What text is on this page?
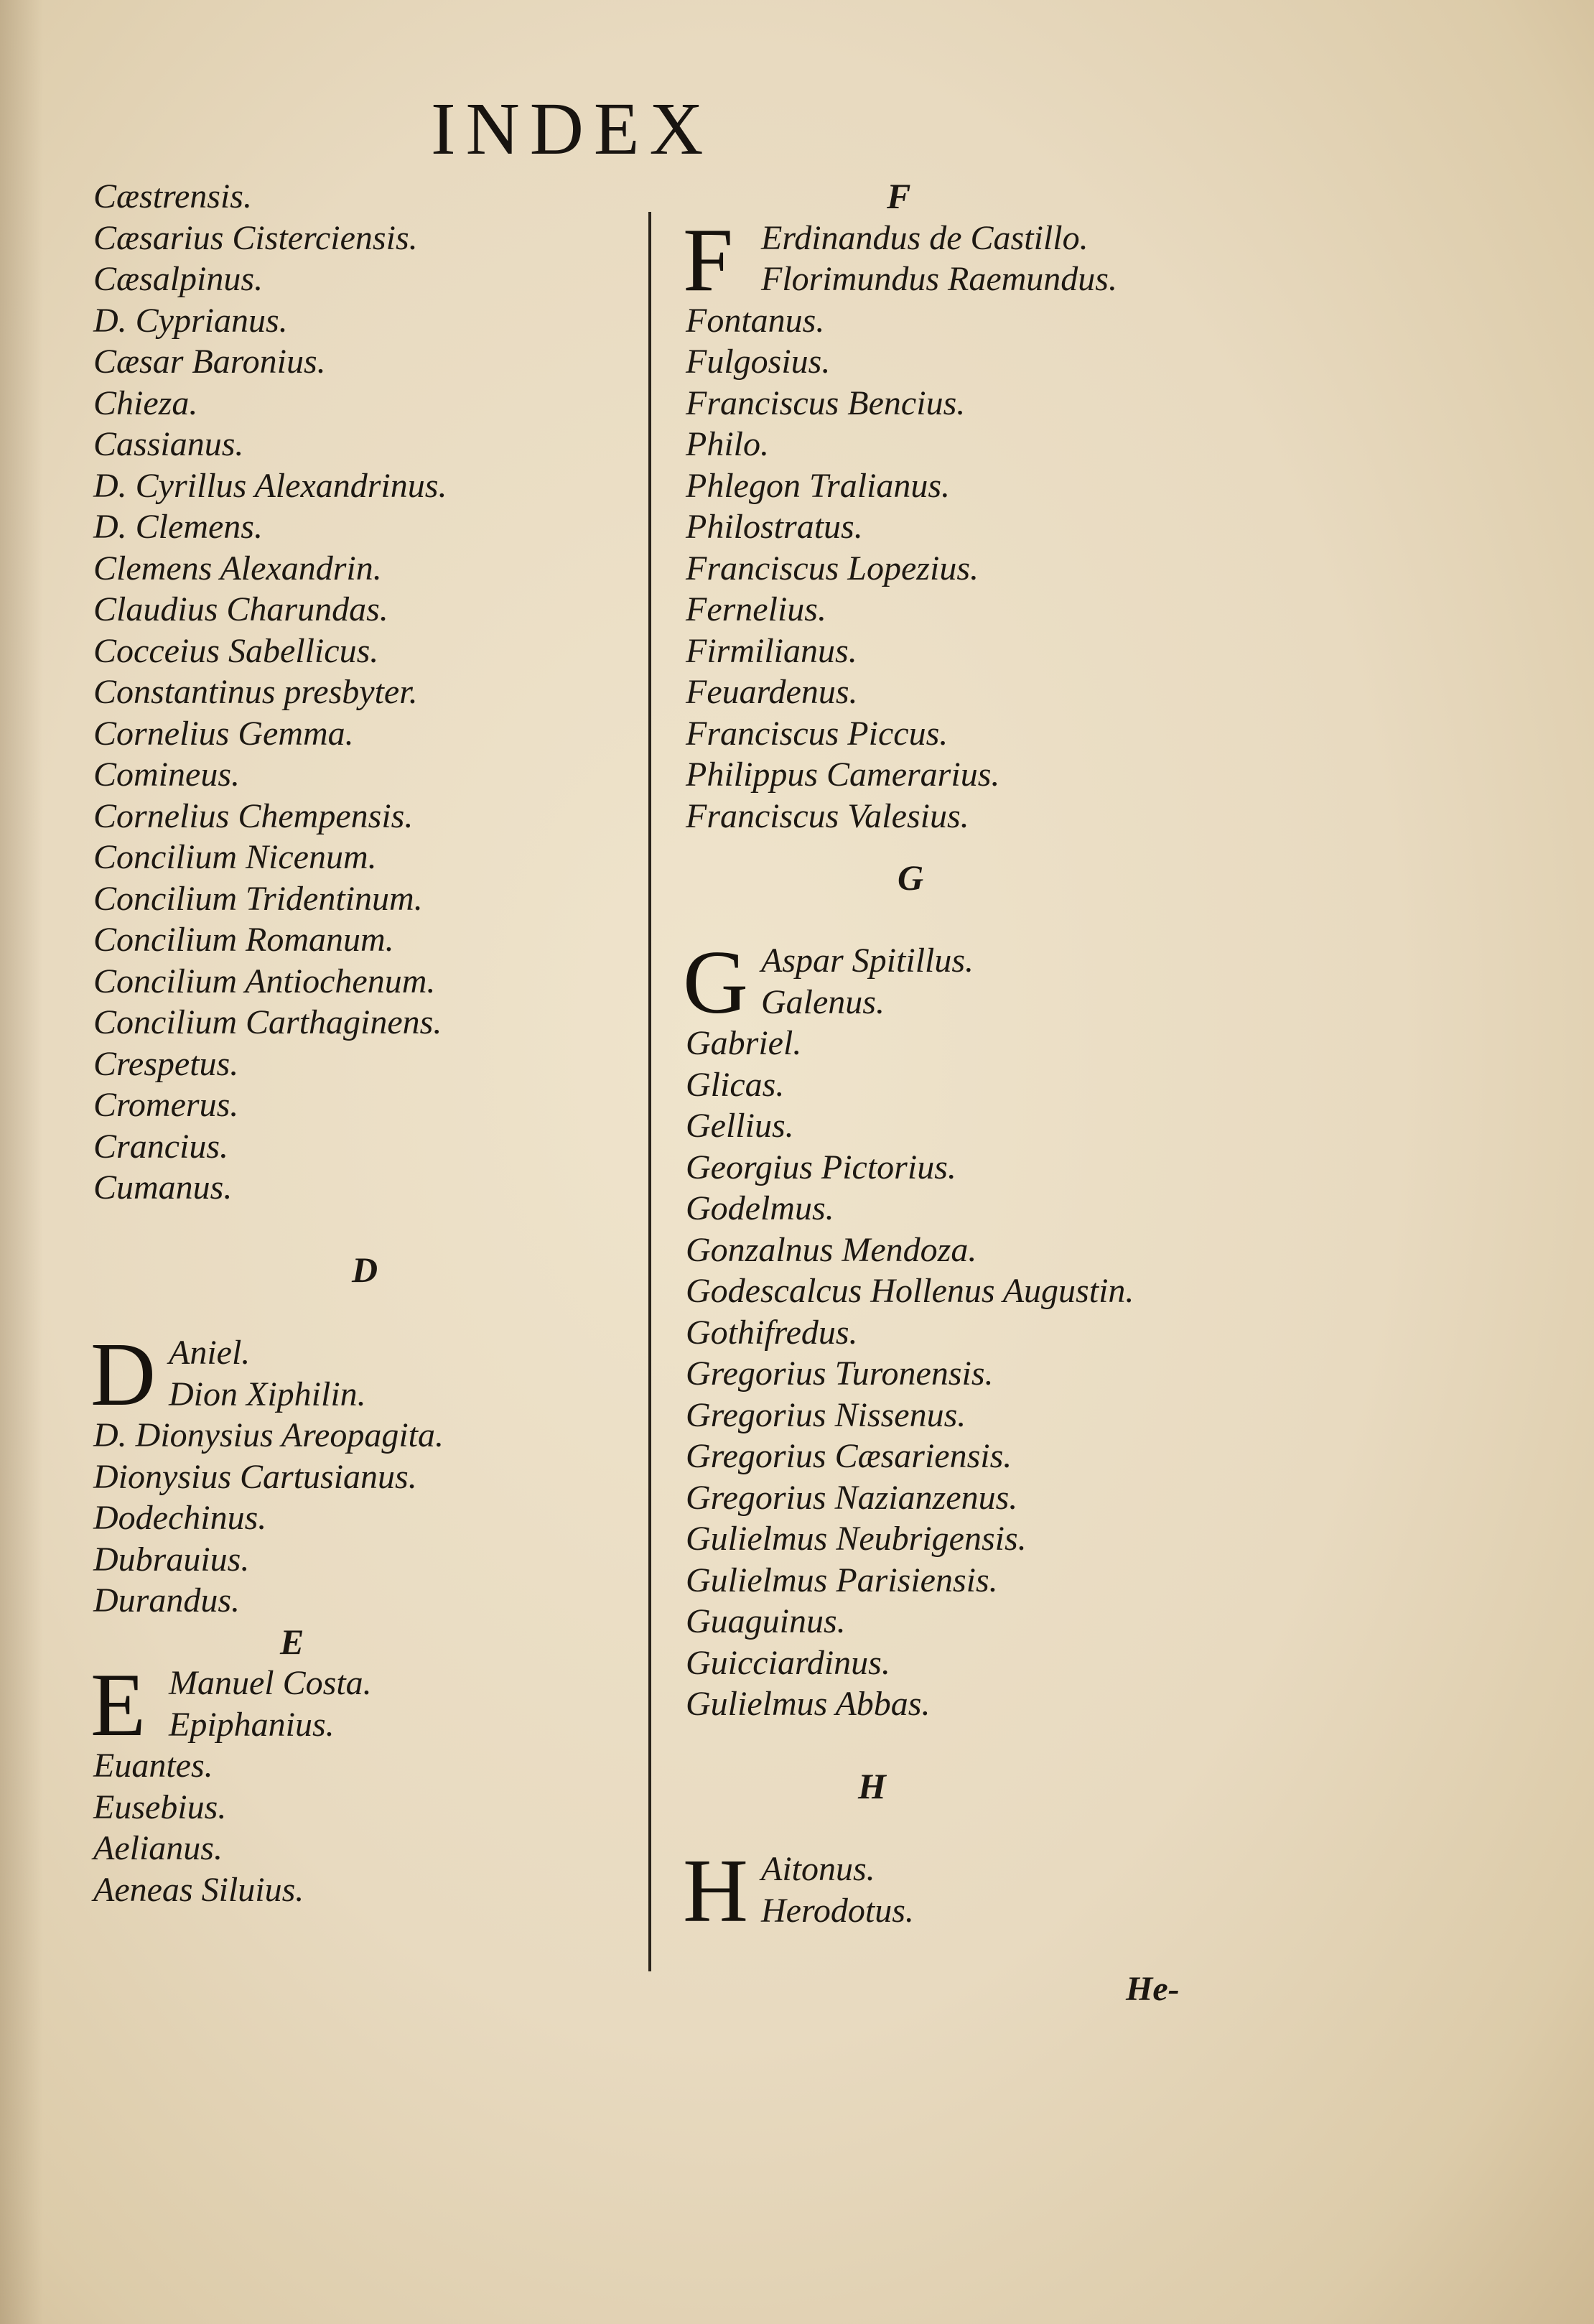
INDEX
Cæstrensis.
Cæsarius Cisterciensis.
Cæsalpinus.
D. Cyprianus.
Cæsar Baronius.
Chieza.
Cassianus.
D. Cyrillus Alexandrinus.
D. Clemens.
Clemens Alexandrin.
Claudius Charundas.
Cocceius Sabellicus.
Constantinus presbyter.
Cornelius Gemma.
Comineus.
Cornelius Chempensis.
Concilium Nicenum.
Concilium Tridentinum.
Concilium Romanum.
Concilium Antiochenum.
Concilium Carthaginens.
Crespetus.
Cromerus.
Crancius.
Cumanus.
D
D Aniel.
Dion Xiphilin.
D. Dionysius Areopagita.
Dionysius Cartusianus.
Dodechinus.
Dubrauius.
Durandus.
E
E Manuel Costa.
Epiphanius.
Euantes.
Eusebius.
Aelianus.
Aeneas Siluius.
F
F Erdinandus de Castillo.
Florimundus Raemundus.
Fontanus.
Fulgosius.
Franciscus Bencius.
Philo.
Phlegon Tralianus.
Philostratus.
Franciscus Lopezius.
Fernelius.
Firmilianus.
Feuardenus.
Franciscus Piccus.
Philippus Camerarius.
Franciscus Valesius.
G
G Aspar Spitillus.
Galenus.
Gabriel.
Glicas.
Gellius.
Georgius Pictorius.
Godelmus.
Gonzalnus Mendoza.
Godescalcus Hollenus Augustin.
Gothifredus.
Gregorius Turonensis.
Gregorius Nissenus.
Gregorius Cæsariensis.
Gregorius Nazianzenus.
Gulielmus Neubrigensis.
Gulielmus Parisiensis.
Guaguinus.
Guicciardinus.
Gulielmus Abbas.
H
H Aitonus.
Herodotus.
He-
